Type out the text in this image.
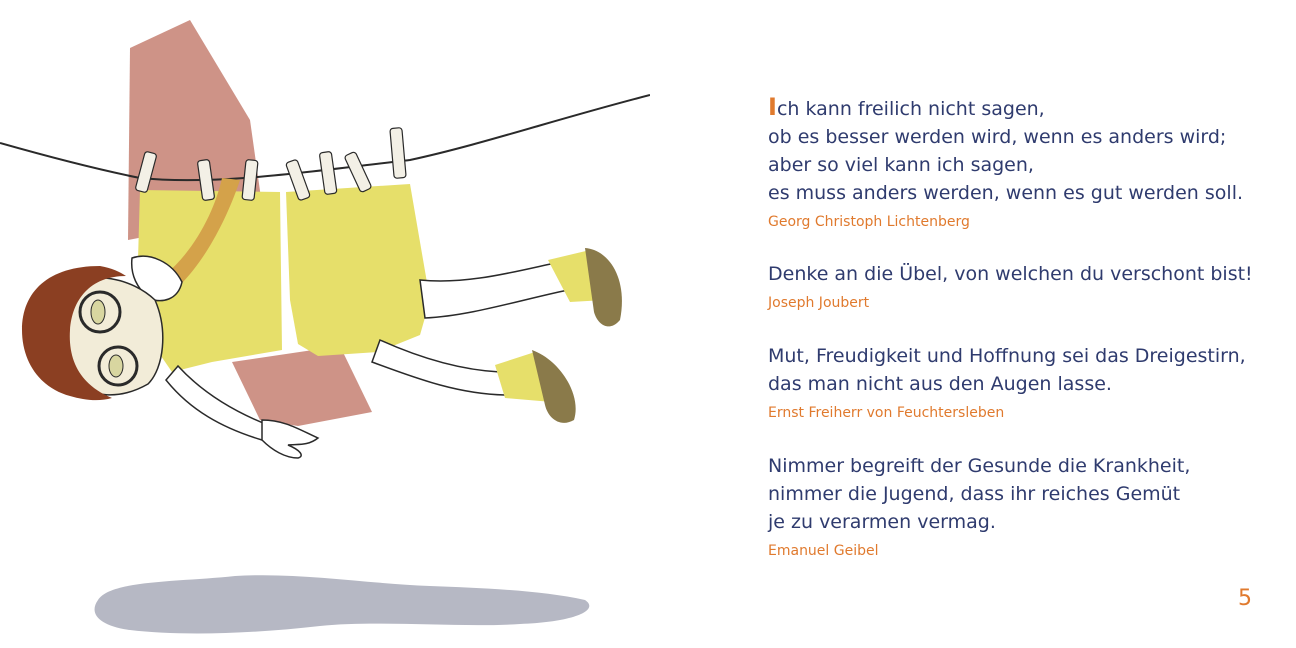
Ich kann freilich nicht sagen,
ob es besser werden wird, wenn es anders wird;
aber so viel kann ich sagen,
es muss anders werden, wenn es gut werden soll.
Georg Christoph Lichtenberg
Denke an die Übel, von welchen du verschont bist!
Joseph Joubert
Mut, Freudigkeit und Hoffnung sei das Dreigestirn,
das man nicht aus den Augen lasse.
Ernst Freiherr von Feuchtersleben
Nimmer begreift der Gesunde die Krankheit,
nimmer die Jugend, dass ihr reiches Gemüt
je zu verarmen vermag.
Emanuel Geibel
5
